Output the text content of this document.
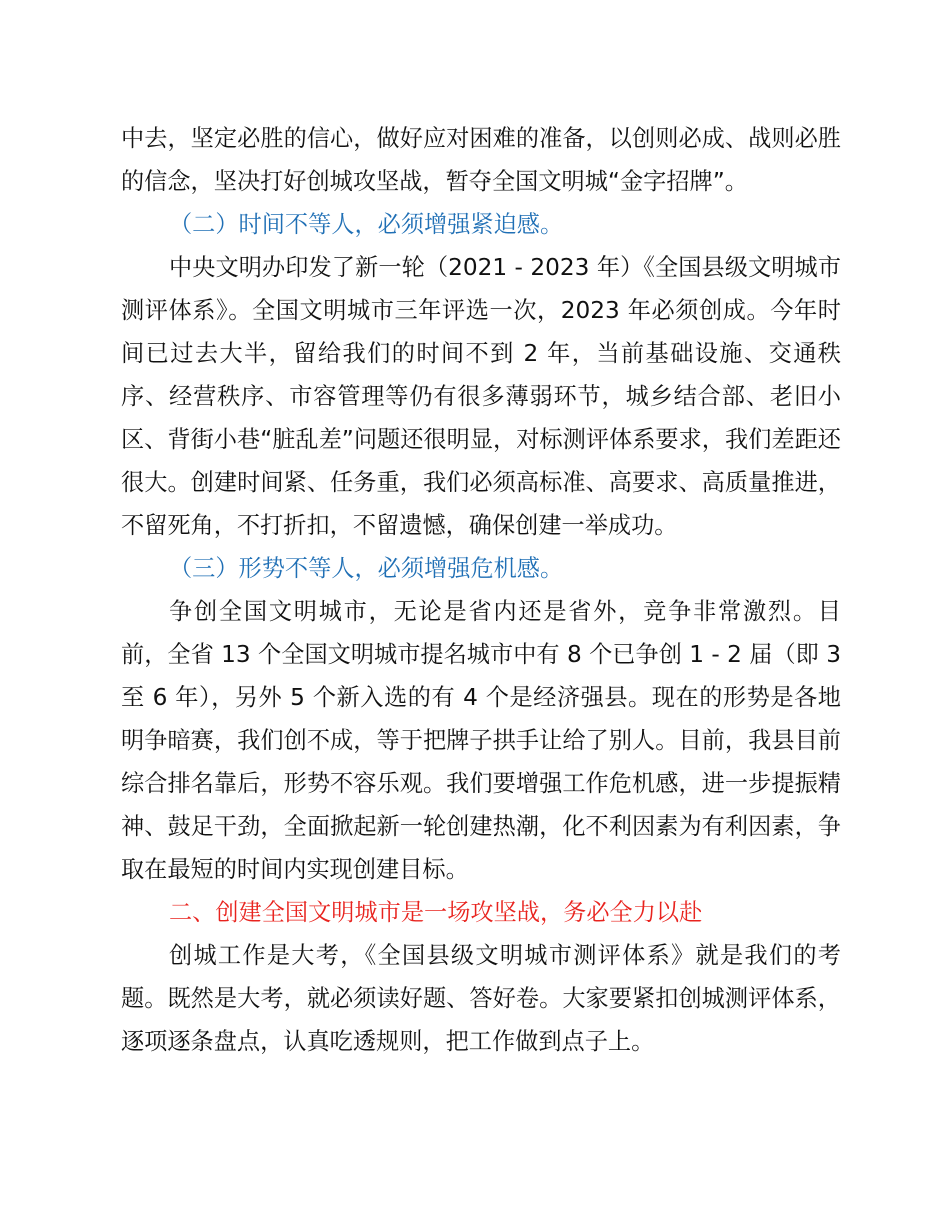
中去，坚定必胜的信心，做好应对困难的准备，以创则必成、战则必胜的信念，坚决打好创城攻坚战，暂夺全国文明城“金字招牌”。

（二）时间不等人，必须增强紧迫感。

中央文明办印发了新一轮（2021 - 2023 年）《全国县级文明城市测评体系》。全国文明城市三年评选一次，2023 年必须创成。今年时间已过去大半，留给我们的时间不到 2 年，当前基础设施、交通秩序、经营秩序、市容管理等仍有很多薄弱环节，城乡结合部、老旧小区、背街小巷“脏乱差”问题还很明显，对标测评体系要求，我们差距还很大。创建时间紧、任务重，我们必须高标准、高要求、高质量推进，不留死角，不打折扣，不留遗憾，确保创建一举成功。

（三）形势不等人，必须增强危机感。

争创全国文明城市，无论是省内还是省外，竞争非常激烈。目前，全省 13 个全国文明城市提名城市中有 8 个已争创 1 - 2 届（即 3 至 6 年），另外 5 个新入选的有 4 个是经济强县。现在的形势是各地明争暗赛，我们创不成，等于把牌子拱手让给了别人。目前，我县目前综合排名靠后，形势不容乐观。我们要增强工作危机感，进一步提振精神、鼓足干劲，全面掀起新一轮创建热潮，化不利因素为有利因素，争取在最短的时间内实现创建目标。

二、创建全国文明城市是一场攻坚战，务必全力以赴

创城工作是大考，《全国县级文明城市测评体系》就是我们的考题。既然是大考，就必须读好题、答好卷。大家要紧扣创城测评体系，逐项逐条盘点，认真吃透规则，把工作做到点子上。
